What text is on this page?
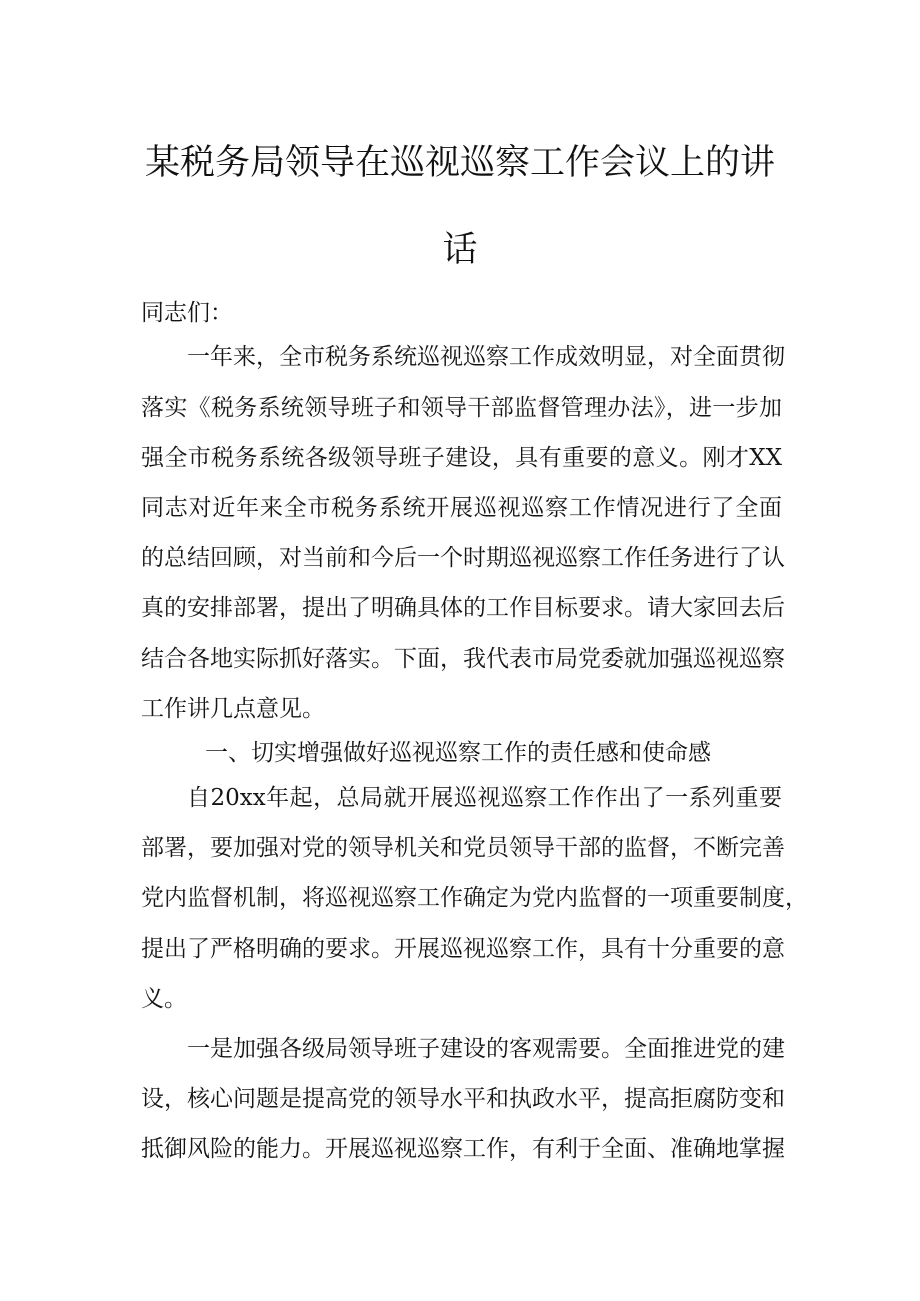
某税务局领导在巡视巡察工作会议上的讲
话
同志们：
一年来，全市税务系统巡视巡察工作成效明显，对全面贯彻
落实《税务系统领导班子和领导干部监督管理办法》，进一步加
强全市税务系统各级领导班子建设，具有重要的意义。刚才XX
同志对近年来全市税务系统开展巡视巡察工作情况进行了全面
的总结回顾，对当前和今后一个时期巡视巡察工作任务进行了认
真的安排部署，提出了明确具体的工作目标要求。请大家回去后
结合各地实际抓好落实。下面，我代表市局党委就加强巡视巡察
工作讲几点意见。
一、切实增强做好巡视巡察工作的责任感和使命感
自20xx年起，总局就开展巡视巡察工作作出了一系列重要
部署，要加强对党的领导机关和党员领导干部的监督，不断完善
党内监督机制，将巡视巡察工作确定为党内监督的一项重要制度，
提出了严格明确的要求。开展巡视巡察工作，具有十分重要的意
义。
一是加强各级局领导班子建设的客观需要。全面推进党的建
设，核心问题是提高党的领导水平和执政水平，提高拒腐防变和
抵御风险的能力。开展巡视巡察工作，有利于全面、准确地掌握
